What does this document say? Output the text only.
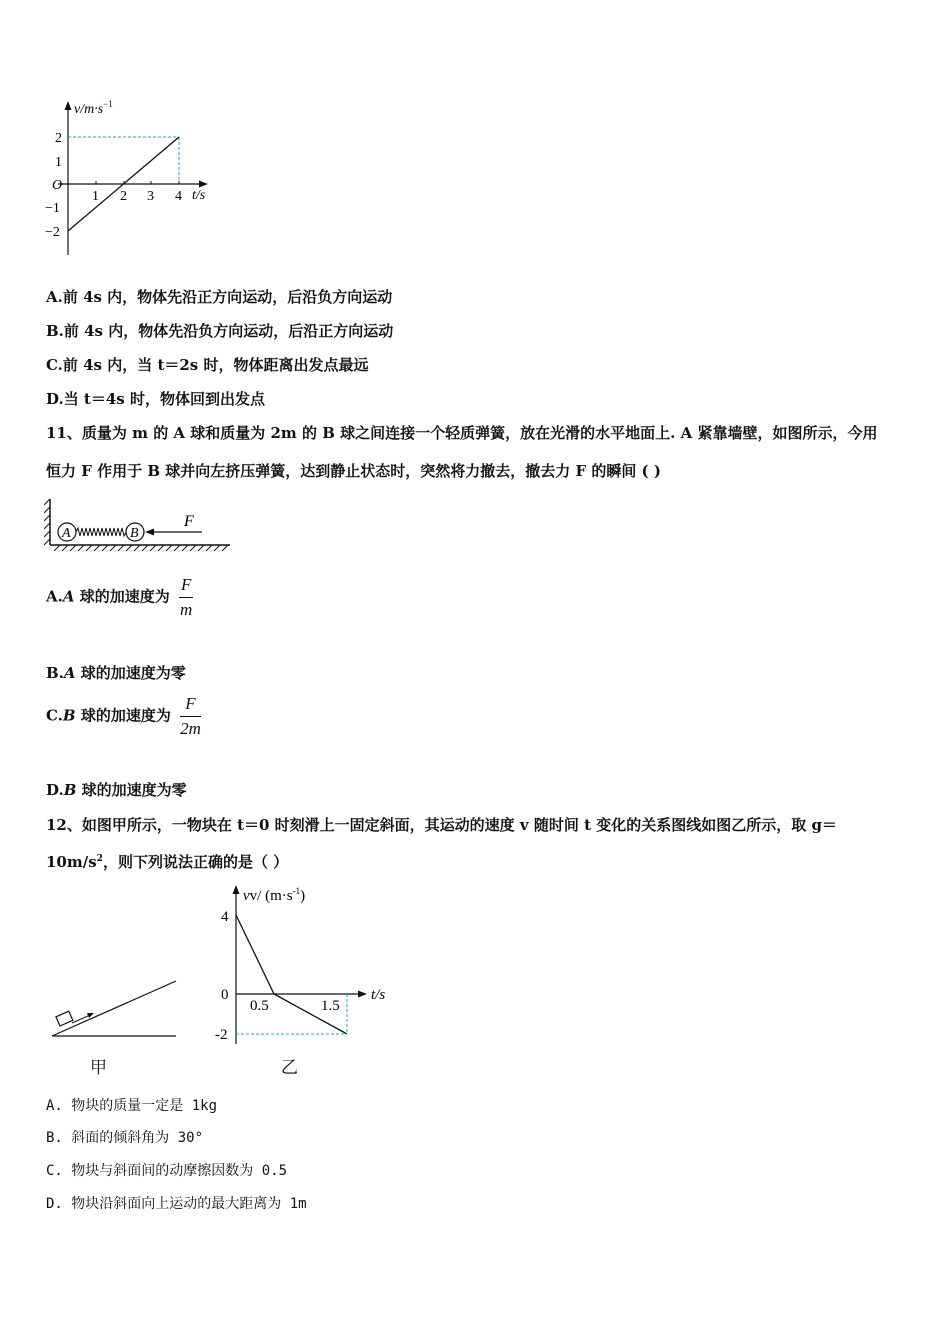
$v/m\cdot s^{-1}$
t/s
O
1 2 3 4
2
1
−1
−2
A.前 4s 内，物体先沿正方向运动，后沿负方向运动
B.前 4s 内，物体先沿负方向运动，后沿正方向运动
C.前 4s 内，当 t＝2s 时，物体距离出发点最远
D.当 t＝4s 时，物体回到出发点
11、质量为 m 的 A 球和质量为 2m 的 B 球之间连接一个轻质弹簧，放在光滑的水平地面上. A 紧靠墙壁，如图所示，今用
恒力 F 作用于 B 球并向左挤压弹簧，达到静止状态时，突然将力撤去，撤去力 F 的瞬间 ( )
A	B
F
A.A 球的加速度为 $\frac{F}{m}$
B.A 球的加速度为零
C.B 球的加速度为 $\frac{F}{2m}$
D.B 球的加速度为零
12、如图甲所示，一物块在 t＝0 时刻滑上一固定斜面，其运动的速度 v 随时间 t 变化的关系图线如图乙所示，取 g＝
$10m/s^2$，则下列说法正确的是（ ）
甲
vv/ $(m\cdot s^{-1})$
4
0
-2
0.5	1.5
t/s
乙
A. 物块的质量一定是 1kg
B. 斜面的倾斜角为 30°
C. 物块与斜面间的动摩擦因数为 0.5
D. 物块沿斜面向上运动的最大距离为 1m
